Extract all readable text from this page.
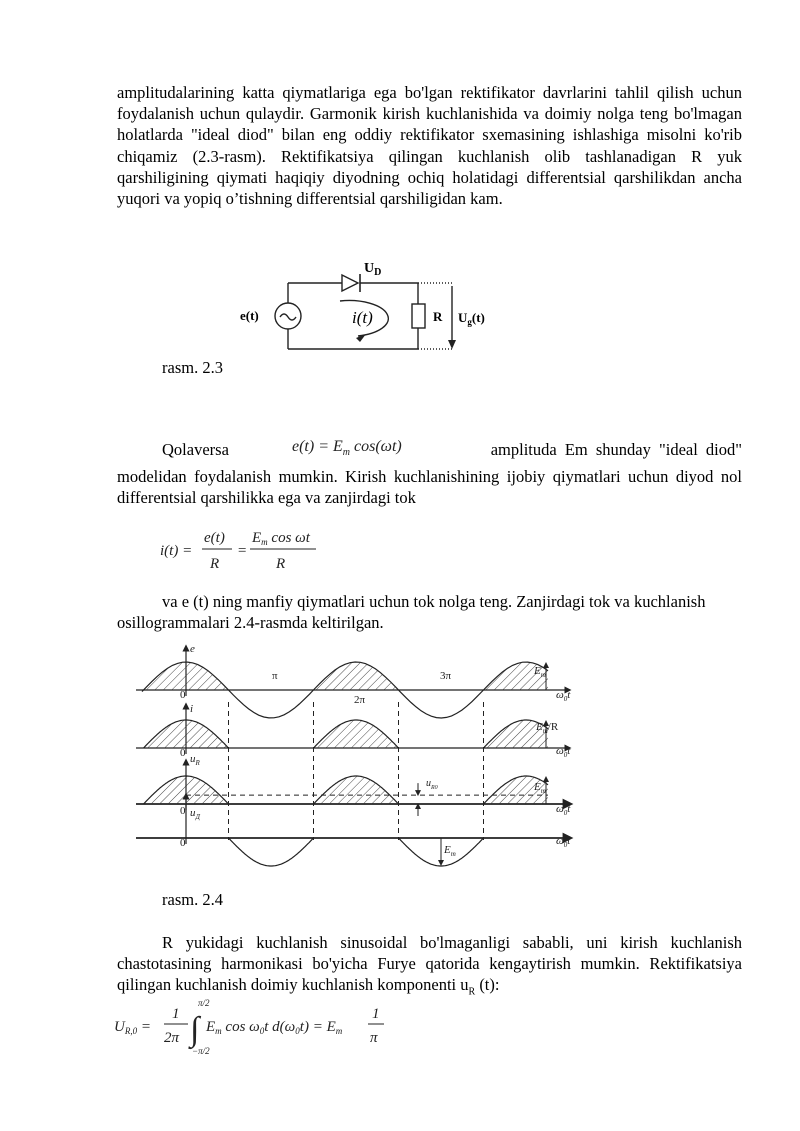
amplitudalarining katta qiymatlariga ega bo'lgan rektifikator davrlarini tahlil qilish uchun foydalanish uchun qulaydir. Garmonik kirish kuchlanishida va doimiy nolga teng bo'lmagan holatlarda "ideal diod" bilan eng oddiy rektifikator sxemasining ishlashiga misolni ko'rib chiqamiz (2.3-rasm). Rektifikatsiya qilingan kuchlanish olib tashlanadigan R yuk qarshiligining qiymati haqiqiy diyodning ochiq holatidagi differentsial qarshilikdan ancha yuqori va yopiq o’tishning differentsial qarshiligidan kam.

e(t)
$U_D$
R
i(t)	$U_g(t)$

rasm. 2.3

Qolaversa	$e(t) = E_m$ cos(ωt)	amplituda Em shunday "ideal diod"

modelidan foydalanish mumkin. Kirish kuchlanishining ijobiy qiymatlari uchun diyod nol differentsial qarshilikka ega va zanjirdagi tok

i(t) =
e(t)
R
=
$E_m$ cos ωt
R

va e (t) ning manfiy qiymatlari uchun tok nolga teng. Zanjirdagi tok va kuchlanish osillogrammalari 2.4-rasmda keltirilgan.

e
i
$u_R$
$u_Д$
0
0
0
0
π
2π
3π	$E_m$
$E_m/R$
$E_m$
$E_m$
$u_{R0}$
$\omega_0t$
$\omega_0t$
$\omega_0t$
$\omega_0t$

rasm. 2.4

R yukidagi kuchlanish sinusoidal bo'lmaganligi sababli, uni kirish kuchlanish chastotasining harmonikasi bo'yicha Furye qatorida kengaytirish mumkin. Rektifikatsiya qilingan kuchlanish doimiy kuchlanish komponenti $u_R$ (t):

$U_{R,0}$ =
1
2π ∫
π/2
−π/2
$E_m$ $\cos \omega_0t$ $d(\omega_0t) = E_m$
1
π
